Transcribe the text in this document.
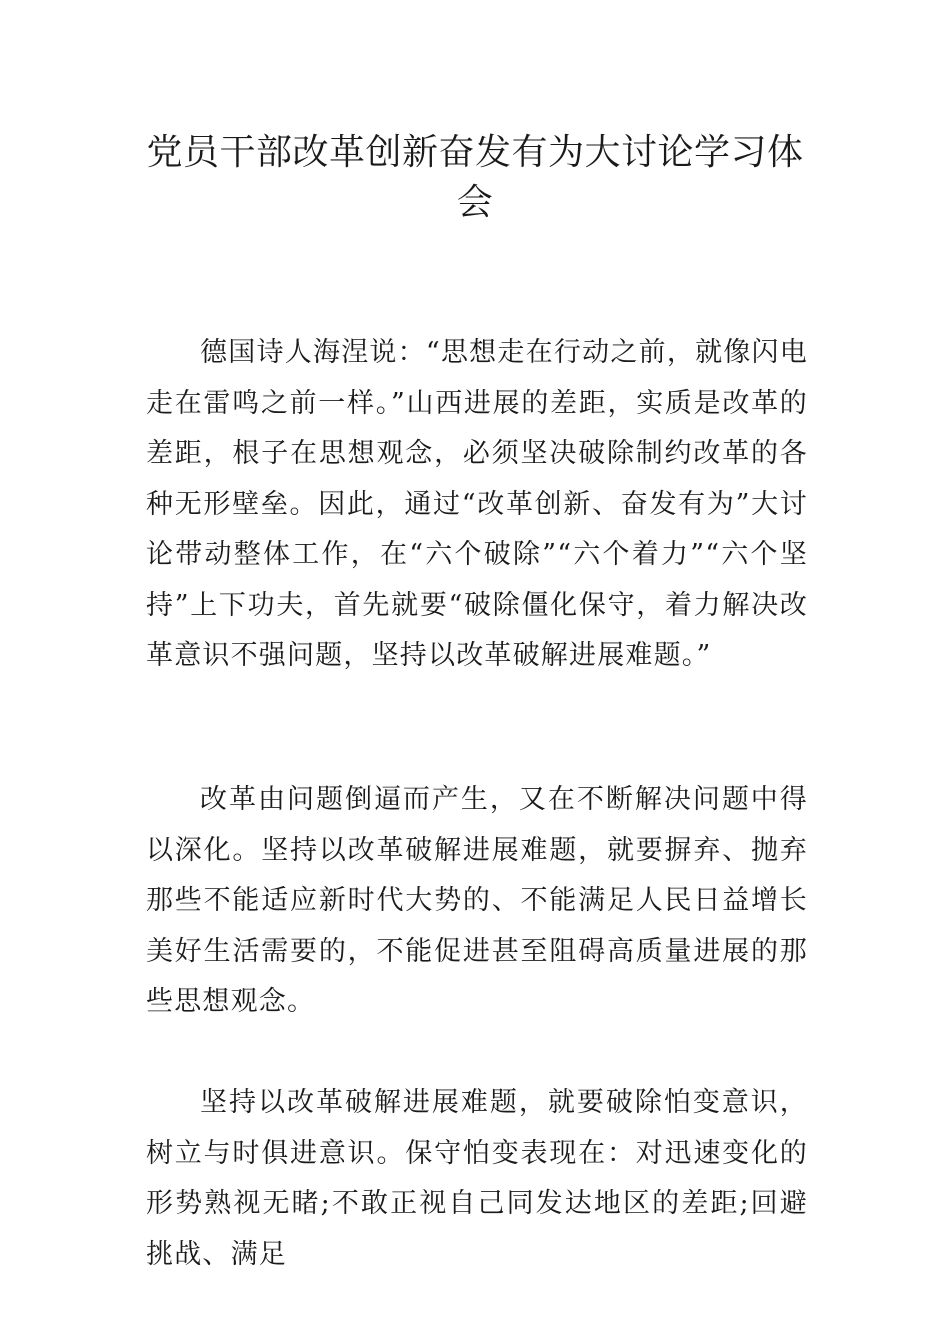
党员干部改革创新奋发有为大讨论学习体会

德国诗人海涅说：“思想走在行动之前，就像闪电走在雷鸣之前一样。”山西进展的差距，实质是改革的差距，根子在思想观念，必须坚决破除制约改革的各种无形壁垒。因此，通过“改革创新、奋发有为”大讨论带动整体工作，在“六个破除”“六个着力”“六个坚持”上下功夫，首先就要“破除僵化保守，着力解决改革意识不强问题，坚持以改革破解进展难题。”

改革由问题倒逼而产生，又在不断解决问题中得以深化。坚持以改革破解进展难题，就要摒弃、抛弃那些不能适应新时代大势的、不能满足人民日益增长美好生活需要的，不能促进甚至阻碍高质量进展的那些思想观念。

坚持以改革破解进展难题，就要破除怕变意识，树立与时俱进意识。保守怕变表现在：对迅速变化的形势熟视无睹;不敢正视自己同发达地区的差距;回避挑战、满足
